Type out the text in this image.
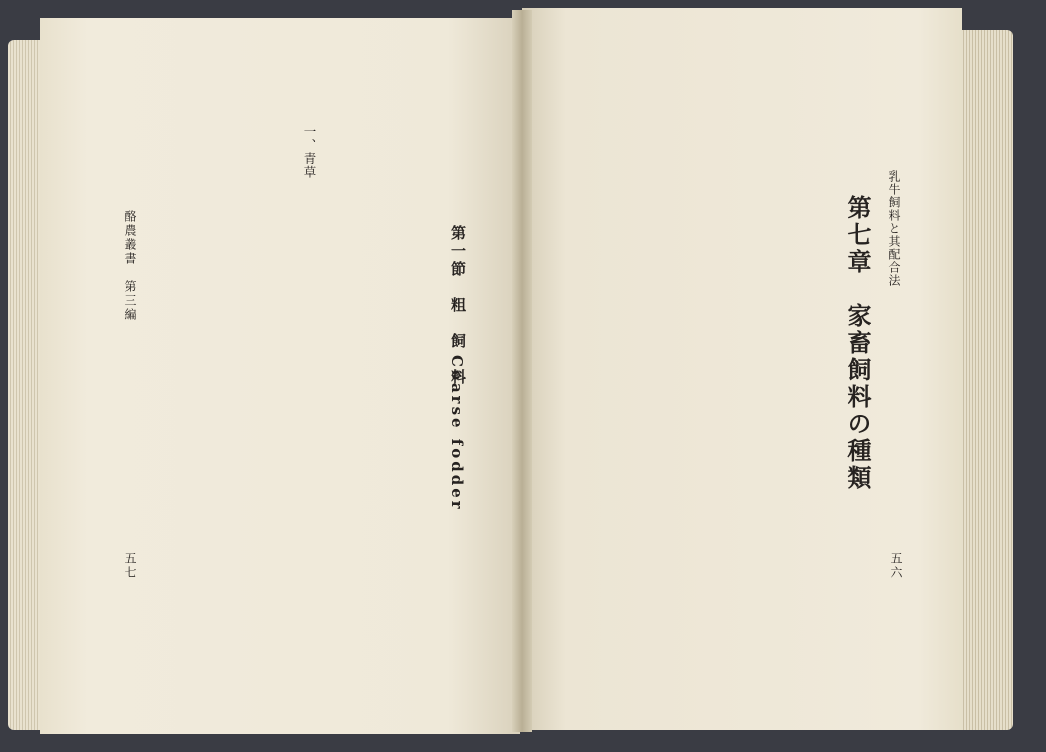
乳牛飼料と其配合法
第七章　家畜飼料の種類
五六
第一節　粗　飼　料
Coarse fodder
一、青草
五七
酪農叢書　第三編
